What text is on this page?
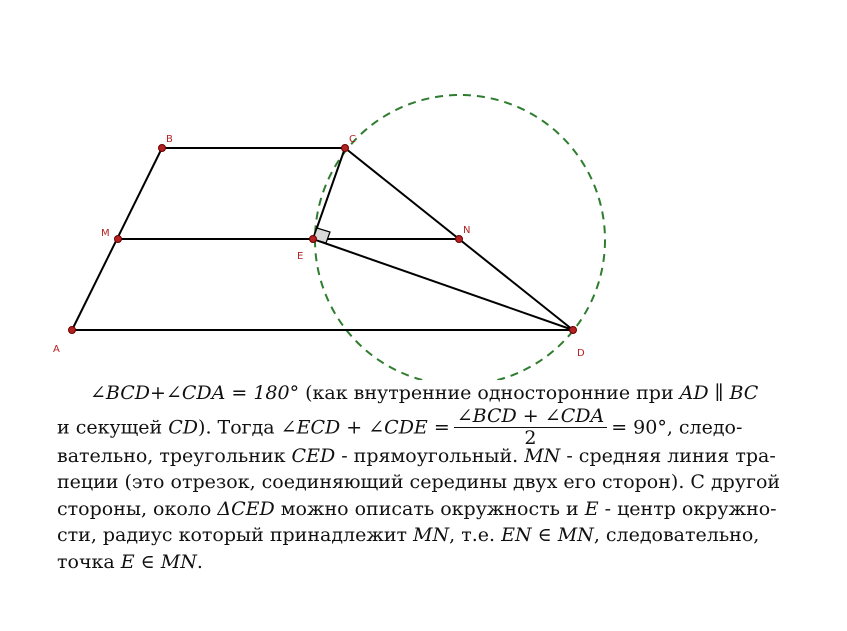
B	C
M
E
N
A	D
∠BCD+∠CDA = 180° (как внутренние односторонние при AD ∥ BC
и секущей CD). Тогда ∠ECD + ∠CDE = $\frac{\text{∠BCD + ∠CDA}}{2} = 90^\circ$, следо-
вательно, треугольник CED - прямоугольный. MN - средняя линия тра-
пеции (это отрезок, соединяющий середины двух его сторон). С другой
стороны, около ΔCED можно описать окружность и E - центр окружно-
сти, радиус который принадлежит MN, т.е. EN ∈ MN, следовательно,
точка E ∈ MN.
